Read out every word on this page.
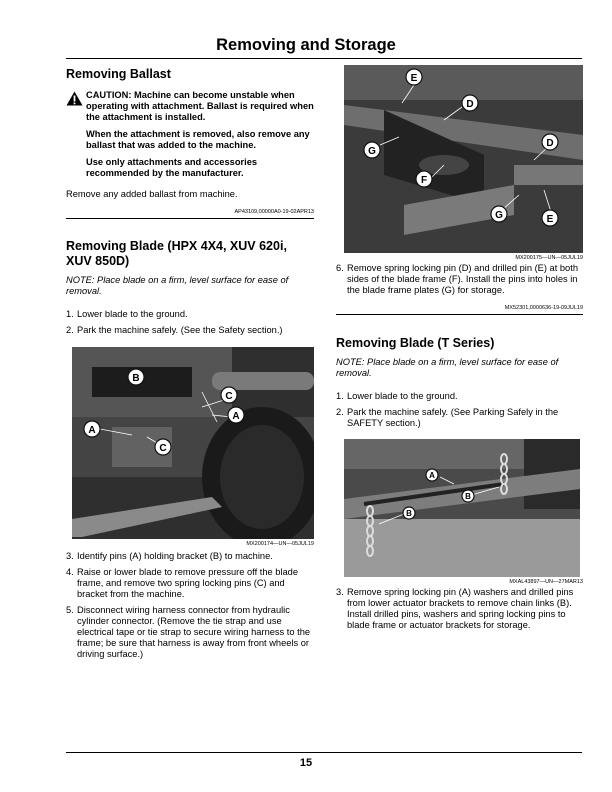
Removing and Storage
Removing Ballast

CAUTION: Machine can become unstable when operating with attachment. Ballast is required when the attachment is installed.

When the attachment is removed, also remove any ballast that was added to the machine.

Use only attachments and accessories recommended by the manufacturer.

Remove any added ballast from machine.

AP43109,00000A0-19-02APR13
Removing Blade (HPX 4X4, XUV 620i, XUV 850D)

NOTE: Place blade on a firm, level surface for ease of removal.

1. Lower blade to the ground.
2. Park the machine safely. (See the Safety section.)
B
C
A
A
C
MX200174—UN—05JUL19
3. Identify pins (A) holding bracket (B) to machine.
4. Raise or lower blade to remove pressure off the blade frame, and remove two spring locking pins (C) and bracket from the machine.
5. Disconnect wiring harness connector from hydraulic cylinder connector. (Remove the tie strap and use electrical tape or tie strap to secure wiring harness to the frame; be sure that harness is away from front wheels or driving surface.)
E
D
G
D
F
G	E
MX200175—UN—05JUL19
6. Remove spring locking pin (D) and drilled pin (E) at both sides of the blade frame (F). Install the pins into holes in the blade frame plates (G) for storage.
MX52301,0000636-19-09JUL19
Removing Blade (T Series)

NOTE: Place blade on a firm, level surface for ease of removal.

1. Lower blade to the ground.
2. Park the machine safely. (See Parking Safely in the SAFETY section.)
A
B
B
MXAL43897—UN—27MAR13
3. Remove spring locking pin (A) washers and drilled pins from lower actuator brackets to remove chain links (B). Install drilled pins, washers and spring locking pins to blade frame or actuator brackets for storage.
15
